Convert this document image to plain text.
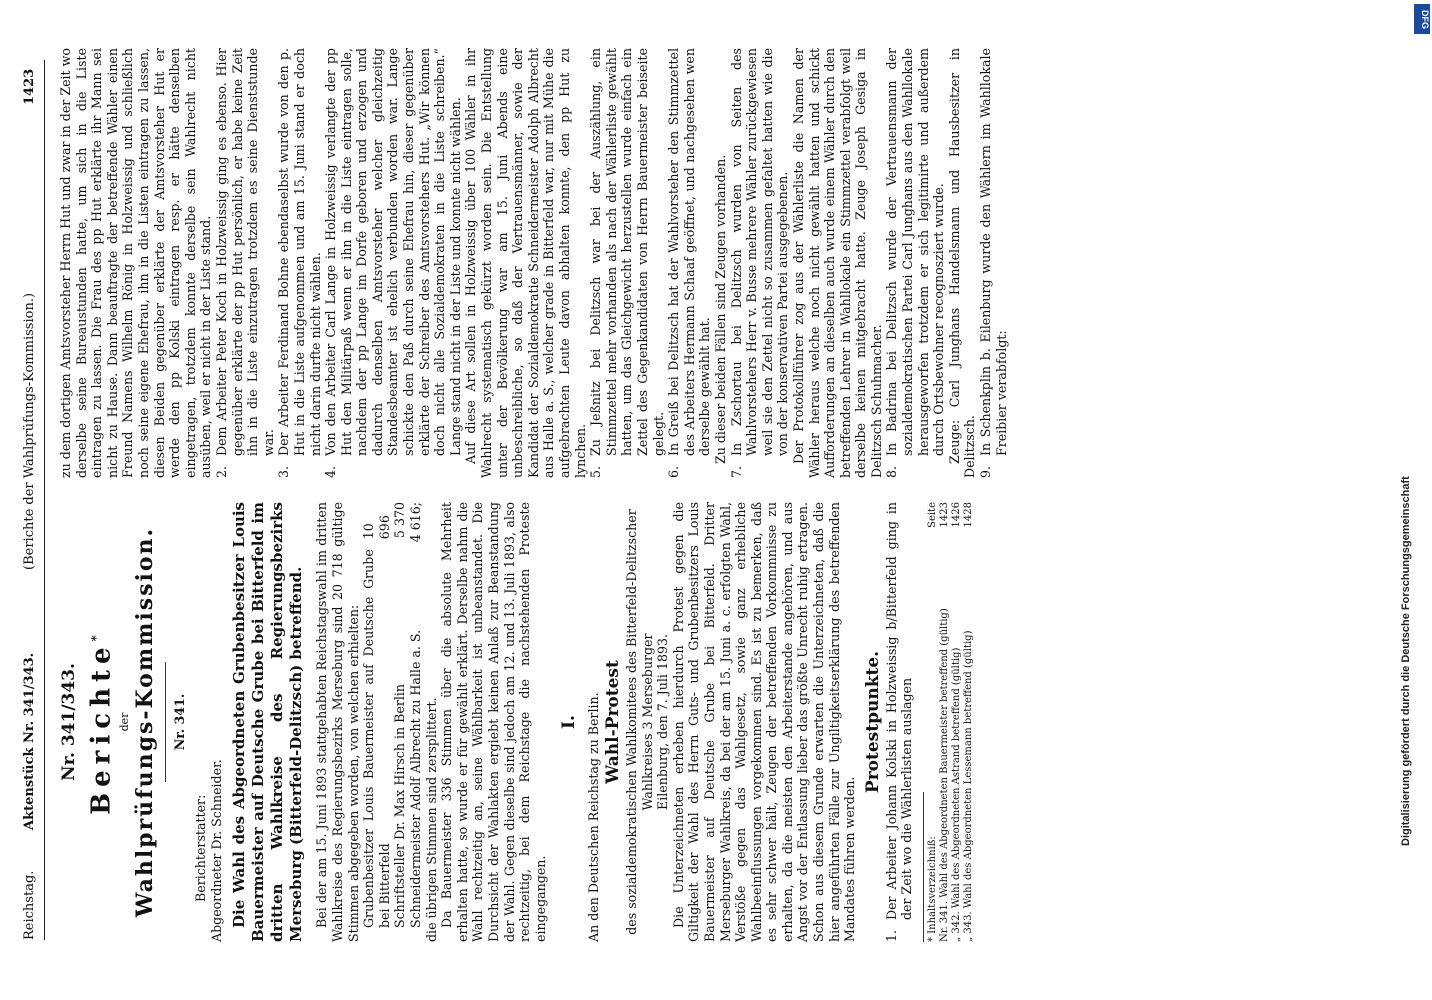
Reichstag.
Aktenstück Nr. 341/343.
(Berichte der Wahlprüfungs-Kommission.)
1423

Nr. 341/343. Berichte*

der Wahlprüfungs-Kommission. Nr. 341.

Berichterstatter: Abgeordneter Dr. Schneider. Die Wahl des Abgeordneten Grubenbesitzer Louis Bauermeister auf Deutsche Grube bei Bitterfeld im dritten Wahlkreise des Regierungsbezirks Merseburg (Bitterfeld-Delitzsch) betreffend. Bei der am 15. Juni 1893 stattgehabten Reichstagswahl im dritten Wahlkreise des Regierungsbezirks Merseburg sind 20 718 gültige Stimmen abgegeben worden, von welchen erhielten: Grubenbesitzer Louis Bauermeister auf Deutsche Grube bei Bitterfeld
10 696
Schriftsteller Dr. Max Hirsch in Berlin
5 370
Schneidermeister Adolf Albrecht zu Halle a. S.
4 616;

die übrigen Stimmen sind zersplittert. Da Bauermeister 336 Stimmen über die absolute Mehrheit erhalten hatte, so wurde er für gewählt erklärt. Derselbe nahm die Wahl rechtzeitig an, seine Wählbarkeit ist unbeanstandet. Die Durchsicht der Wahlakten ergiebt keinen Anlaß zur Beanstandung der Wahl. Gegen dieselbe sind jedoch am 12. und 13. Juli 1893, also rechtzeitig, bei dem Reichstage die nachstehenden Proteste eingegangen.

I. An den Deutschen Reichstag zu Berlin. Wahl-Protest des sozialdemokratischen Wahlkomitees des Bitterfeld-Delitzscher Wahlkreises 3 Merseburger Eilenburg, den 7. Juli 1893. Die Unterzeichneten erheben hierdurch Protest gegen die Giltigkeit der Wahl des Herrn Guts- und Grubenbesitzers Louis Bauermeister auf Deutsche Grube bei Bitterfeld. Dritter Merseburger Wahlkreis, da bei der am 15. Juni a. c. erfolgten Wahl, Verstöße gegen das Wahlgesetz, sowie ganz erhebliche Wahlbeeinflussungen vorgekommen sind. Es ist zu bemerken, daß es sehr schwer hält, Zeugen der betreffenden Vorkommnisse zu erhalten, da die meisten den Arbeiterstande angehören, und aus Angst vor der Entlassung lieber das größte Unrecht ruhig ertragen. Schon aus diesem Grunde erwarten die Unterzeichneten, daß die hier angeführten Fälle zur Ungiltigkeitserklärung des betreffenden Mandates führen werden.

Protestpunkte.

1.
Der Arbeiter Johann Kolski in Holzweissig b/Bitterfeld ging in der Zeit wo die Wählerlisten auslagen * Inhaltsverzeichniß:
Seite
Nr. 341. Wahl des Abgeordneten Bauermeister betreffend (gültig)
1423
„ 342. Wahl des Abgeordneten Astrand betreffend (gültig)
1426
„ 343. Wahl des Abgeordneten Lessemann betreffend (gültig)
1428

zu dem dortigen Amtsvorsteher Herrn Hut und zwar in der Zeit wo derselbe seine Bureaustunden hatte, um sich in die Liste eintragen zu lassen. Die Frau des pp Hut erklärte ihr Mann sei nicht zu Hause. Dann beauftragte der betreffende Wähler einen Freund Namens Wilhelm Rönig in Holzweissig und schließlich noch seine eigene Ehefrau, ihn in die Listen eintragen zu lassen, diesen Beiden gegenüber erklärte der Amtsvorsteher Hut er werde den pp Kolski eintragen resp. er hätte denselben eingetragen, trotzdem konnte derselbe sein Wahlrecht nicht ausüben, weil er nicht in der Liste stand. 2.
Dem Arbeiter Peter Koch in Holzweissig ging es ebenso. Hier gegenüber erklärte der pp Hut persönlich, er habe keine Zeit ihn in die Liste einzutragen trotzdem es seine Dienststunde war.
3.
Der Arbeiter Ferdinand Bohne ebendaselbst wurde von den p. Hut in die Liste aufgenommen und am 15. Juni stand er doch nicht darin durfte nicht wählen.
4.
Von den Arbeiter Carl Lange in Holzweissig verlangte der pp Hut den Militärpaß wenn er ihn in die Liste eintragen solle, nachdem der pp Lange im Dorfe geboren und erzogen und dadurch denselben Amtsvorsteher welcher gleichzeitig Standesbeamter ist ehelich verbunden worden war. Lange schickte den Paß durch seine Ehefrau hin, dieser gegenüber erklärte der Schreiber des Amtsvorstehers Hut. „Wir können doch nicht alle Sozialdemokraten in die Liste schreiben.“ Lange stand nicht in der Liste und konnte nicht wählen. Auf diese Art sollen in Holzweissig über 100 Wähler in ihr Wahlrecht systematisch gekürzt worden sein. Die Entstellung unter der Bevölkerung war am 15. Juni Abends eine unbeschreibliche, so daß der Vertrauensmänner, sowie der Kandidat der Sozialdemokratie Schneidermeister Adolph Albrecht aus Halle a. S., welcher grade in Bitterfeld war, nur mit Mühe die aufgebrachten Leute davon abhalten konnte, den pp Hut zu lynchen. 5.
Zu Jeßnitz bei Delitzsch war bei der Auszählung, ein Stimmzettel mehr vorhanden als nach der Wählerliste gewählt hatten, um das Gleichgewicht herzustellen wurde einfach ein Zettel des Gegenkandidaten von Herrn Bauermeister beiseite gelegt.
6.
In Greiß bei Delitzsch hat der Wahlvorsteher den Stimmzettel des Arbeiters Hermann Schaaf geöffnet, und nachgesehen wen derselbe gewählt hat. Zu dieser beiden Fällen sind Zeugen vorhanden.

7.
In Zschortau bei Delitzsch wurden von Seiten des Wahlvorstehers Herr v. Busse mehrere Wähler zurückgewiesen weil sie den Zettel nicht so zusammen gefaltet hatten wie die von der konservativen Partei ausgegebenen. Der Protokollführer zog aus der Wählerliste die Namen der Wähler heraus welche noch nicht gewählt hatten und schickt Aufforderungen an dieselben auch wurde einem Wähler durch den betreffenden Lehrer in Wahllokale ein Stimmzettel verabfolgt weil derselbe keinen mitgebracht hatte. Zeuge Joseph Gesiga in Delitzsch Schuhmacher. 8.
In Badrina bei Delitzsch wurde der Vertrauensmann der sozialdemokratischen Partei Carl Junghans aus den Wahllokale herausgeworfen trotzdem er sich legitimirte und außerdem durch Ortsbewohner recognosziert wurde. Zeuge: Carl Junghans Handelsmann und Hausbesitzer in Delitzsch. 9.
In Schenkplin b. Eilenburg wurde den Wählern im Wahllokale Freibier verabfolgt:
Digitalisierung gefördert durch die Deutsche Forschungsgemeinschaft
DFG
